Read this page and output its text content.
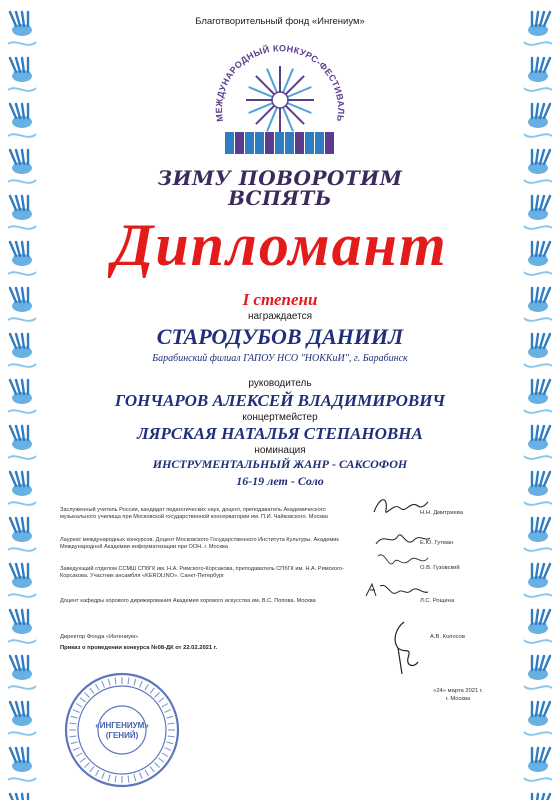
Благотворительный фонд «Ингениум»
МЕЖДУНАРОДНЫЙ КОНКУРС-ФЕСТИВАЛЬ
ЗИМУ ПОВОРОТИМ
ВСПЯТЬ
Дипломант
I степени
награждается
СТАРОДУБОВ ДАНИИЛ
Барабинский филиал ГАПОУ НСО "НОККиИ", г. Барабинск
руководитель
ГОНЧАРОВ АЛЕКСЕЙ ВЛАДИМИРОВИЧ
концертмейстер
ЛЯРСКАЯ НАТАЛЬЯ СТЕПАНОВНА
номинация
ИНСТРУМЕНТАЛЬНЫЙ ЖАНР - САКСОФОН
16-19 лет - Соло
Заслуженный учитель России, кандидат педагогических наук, доцент, преподаватель Академического музыкального училища при Московской государственной консерватории им. П.И. Чайковского. Москва
Н.Н. Дмитриева
Лауреат международных конкурсов. Доцент Московского Государственного Института Культуры. Академик Международной Академии информатизации при ООН. г. Москва
Е.Ю. Гутман
Заведующий отделом ССМШ СПбГК им. Н.А. Римского-Корсакова, преподаватель СПбГК им. Н.А. Римского-Корсакова. Участник ансамбля «KEROLINO». Санкт-Петербург
О.В. Гузовский
Доцент кафедры хорового дирижирования Академия хорового искусства им. В.С. Попова. Москва	Л.С. Рощина
Директор Фонда «Ингениум»	А.В. Колосов
Приказ о проведении конкурса №08-ДК от 22.02.2021 г.
«24» марта 2021 г.
г. Москва
«ИНГЕНИУМ»
(ГЕНИЙ)
